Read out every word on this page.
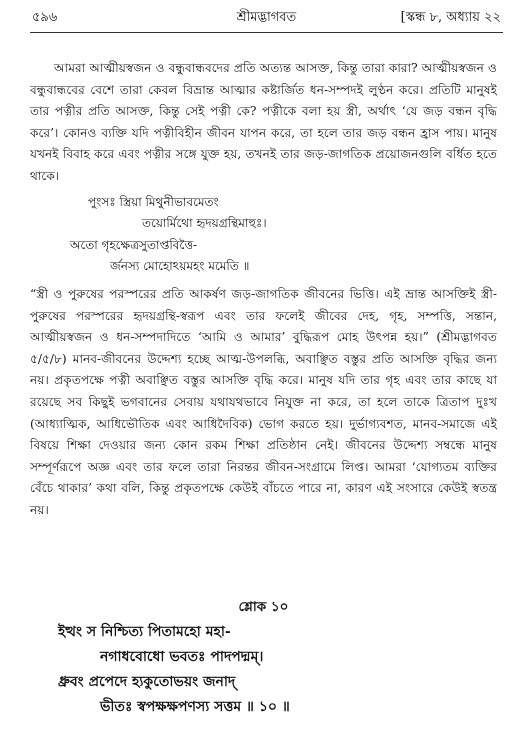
৫৯৬	শ্রীমদ্ভাগবত	[স্কন্ধ ৮, অধ্যায় ২২

আমরা আত্মীয়স্বজন ও বন্ধুবান্ধবদের প্রতি অত্যন্ত আসক্ত, কিন্তু তারা কারা? আত্মীয়স্বজন ও বন্ধুবান্ধবের বেশে তারা কেবল বিভ্রান্ত আত্মার কষ্টার্জিত ধন-সম্পদই লুণ্ঠন করে। প্রতিটি মানুষই তার পত্নীর প্রতি আসক্ত, কিন্তু সেই পত্নী কে? পত্নীকে বলা হয় স্ত্রী, অর্থাৎ ‘যে জড় বন্ধন বৃদ্ধি করে’। কোনও ব্যক্তি যদি পত্নীবিহীন জীবন যাপন করে, তা হলে তার জড় বন্ধন হ্রাস পায়। মানুষ যখনই বিবাহ করে এবং পত্নীর সঙ্গে যুক্ত হয়, তখনই তার জড়-জাগতিক প্রয়োজনগুলি বর্ধিত হতে থাকে।

পুংসঃ স্ত্রিয়া মিথুনীভাবমেতং
তয়োর্মিথো হৃদয়গ্রন্থিমাহুঃ।
অতো গৃহক্ষেত্রসুতাপ্তবিত্তৈ-
র্জনস্য মোহোঽয়মহং মমেতি ॥

“স্ত্রী ও পুরুষের পরস্পরের প্রতি আকর্ষণ জড়-জাগতিক জীবনের ভিত্তি। এই ভ্রান্ত আসক্তিই স্ত্রী-পুরুষের পরস্পরের হৃদয়গ্রন্থি-স্বরূপ এবং তার ফলেই জীবের দেহ, গৃহ, সম্পত্তি, সন্তান, আত্মীয়স্বজন ও ধন-সম্পদাদিতে ‘আমি ও আমার’ বুদ্ধিরূপ মোহ উৎপন্ন হয়।” (শ্রীমদ্ভাগবত ৫/৫/৮) মানব-জীবনের উদ্দেশ্য হচ্ছে আত্ম-উপলব্ধি, অবাঞ্ছিত বস্তুর প্রতি আসক্তি বৃদ্ধির জন্য নয়। প্রকৃতপক্ষে পত্নী অবাঞ্ছিত বস্তুর আসক্তি বৃদ্ধি করে। মানুষ যদি তার গৃহ এবং তার কাছে যা রয়েছে সব কিছুই ভগবানের সেবায় যথাযথভাবে নিযুক্ত না করে, তা হলে তাকে ত্রিতাপ দুঃখ (আধ্যাত্মিক, আধিভৌতিক এবং আধিদৈবিক) ভোগ করতে হয়। দুর্ভাগ্যবশত, মানব-সমাজে এই বিষয়ে শিক্ষা দেওয়ার জন্য কোন রকম শিক্ষা প্রতিষ্ঠান নেই। জীবনের উদ্দেশ্য সম্বন্ধে মানুষ সম্পূর্ণরূপে অজ্ঞ এবং তার ফলে তারা নিরন্তর জীবন-সংগ্রামে লিপ্ত। আমরা ‘যোগ্যতম ব্যক্তির বেঁচে থাকার’ কথা বলি, কিন্তু প্রকৃতপক্ষে কেউই বাঁচতে পারে না, কারণ এই সংসারে কেউই স্বতন্ত্র নয়।

শ্লোক ১০
ইত্থং স নিশ্চিত্য পিতামহো মহা-
নগাধবোধো ভবতঃ পাদপদ্মম্।
ধ্রুবং প্রপেদে হ্যকুতোভয়ং জনাদ্
ভীতঃ স্বপক্ষক্ষপণস্য সত্তম ॥ ১০ ॥
